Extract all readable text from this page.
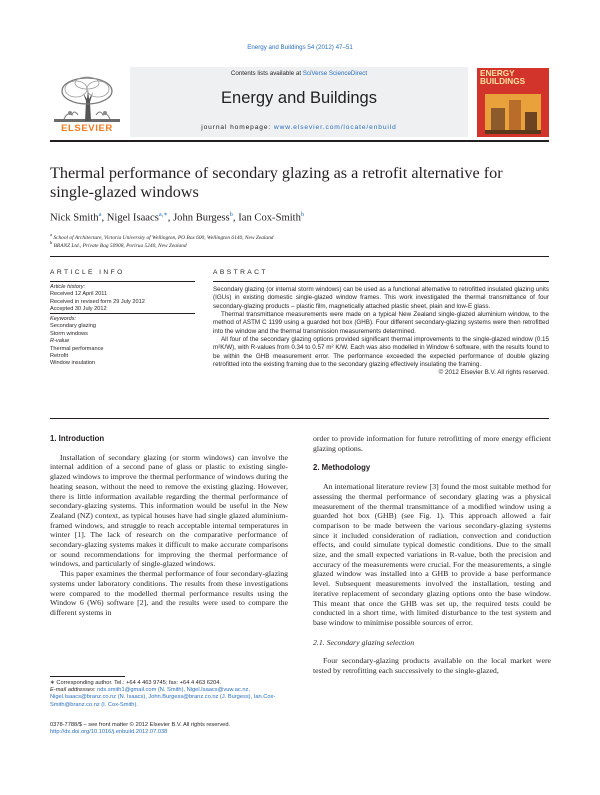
Energy and Buildings 54 (2012) 47–51
ELSEVIER
Contents lists available at SciVerse ScienceDirect
Energy and Buildings
journal homepage: www.elsevier.com/locate/enbuild
ENERGY
BUILDINGS
Thermal performance of secondary glazing as a retrofit alternative for single-glazed windows
Nick Smith$^a$, Nigel Isaacs$^{a,∗}$, John Burgess$^b$, Ian Cox-Smith$^b$
$^a$ School of Architecture, Victoria University of Wellington, PO Box 600, Wellington 6140, New Zealand
$^b$ BRANZ Ltd., Private Bag 50908, Porirua 5240, New Zealand
ARTICLE INFO	ABSTRACT
Article history:
Received 12 April 2011
Received in revised form 29 July 2012
Accepted 30 July 2012
Keywords:
Secondary glazing
Storm windows
R-value
Thermal performance
Retrofit
Window insulation

Secondary glazing (or internal storm windows) can be used as a functional alternative to retrofitted insulated glazing units (IGUs) in existing domestic single-glazed window frames. This work investigated the thermal transmittance of four secondary-glazing products – plastic film, magnetically attached plastic sheet, plain and low-E glass.

Thermal transmittance measurements were made on a typical New Zealand single-glazed aluminium window, to the method of ASTM C 1199 using a guarded hot box (GHB). Four different secondary-glazing systems were then retrofitted into the window and the thermal transmission measurements determined.

All four of the secondary glazing options provided significant thermal improvements to the single-glazed window (0.15 m²K/W), with R-values from 0.34 to 0.57 m² K/W. Each was also modelled in Window 6 software, with the results found to be within the GHB measurement error. The performance exceeded the expected performance of double glazing retrofitted into the existing framing due to the secondary glazing effectively insulating the framing.

© 2012 Elsevier B.V. All rights reserved.

1. Introduction

Installation of secondary glazing (or storm windows) can involve the internal addition of a second pane of glass or plastic to existing single-glazed windows to improve the thermal performance of windows during the heating season, without the need to remove the existing glazing. However, there is little information available regarding the thermal performance of secondary-glazing systems. This information would be useful in the New Zealand (NZ) context, as typical houses have had single glazed aluminium-framed windows, and struggle to reach acceptable internal temperatures in winter [1]. The lack of research on the comparative performance of secondary-glazing systems makes it difficult to make accurate comparisons or sound recommendations for improving the thermal performance of windows, and particularly of single-glazed windows.

This paper examines the thermal performance of four secondary-glazing systems under laboratory conditions. The results from these investigations were compared to the modelled thermal performance results using the Window 6 (W6) software [2], and the results were used to compare the different systems in

order to provide information for future retrofitting of more energy efficient glazing options.

2. Methodology

An international literature review [3] found the most suitable method for assessing the thermal performance of secondary glazing was a physical measurement of the thermal transmittance of a modified window using a guarded hot box (GHB) (see Fig. 1). This approach allowed a fair comparison to be made between the various secondary-glazing systems since it included consideration of radiation, convection and conduction effects, and could simulate typical domestic conditions. Due to the small size, and the small expected variations in R-value, both the precision and accuracy of the measurements were crucial. For the measurements, a single glazed window was installed into a GHB to provide a base performance level. Subsequent measurements involved the installation, testing and iterative replacement of secondary glazing options onto the base window. This meant that once the GHB was set up, the required tests could be conducted in a short time, with limited disturbance to the test system and base window to minimise possible sources of error.

2.1. Secondary glazing selection

Four secondary-glazing products available on the local market were tested by retrofitting each successively to the single-glazed,

∗ Corresponding author. Tel.: +64 4 463 9745; fax: +64 4 463 6204.
E-mail addresses: nds.smith1@gmail.com (N. Smith), Nigel.Isaacs@vuw.ac.nz, Nigel.Isaacs@branz.co.nz (N. Isaacs), John.Burgess@branz.co.nz (J. Burgess), Ian.Cox-Smith@branz.co.nz (I. Cox-Smith).
0378-7788/$ – see front matter © 2012 Elsevier B.V. All rights reserved.
http://dx.doi.org/10.1016/j.enbuild.2012.07.038
